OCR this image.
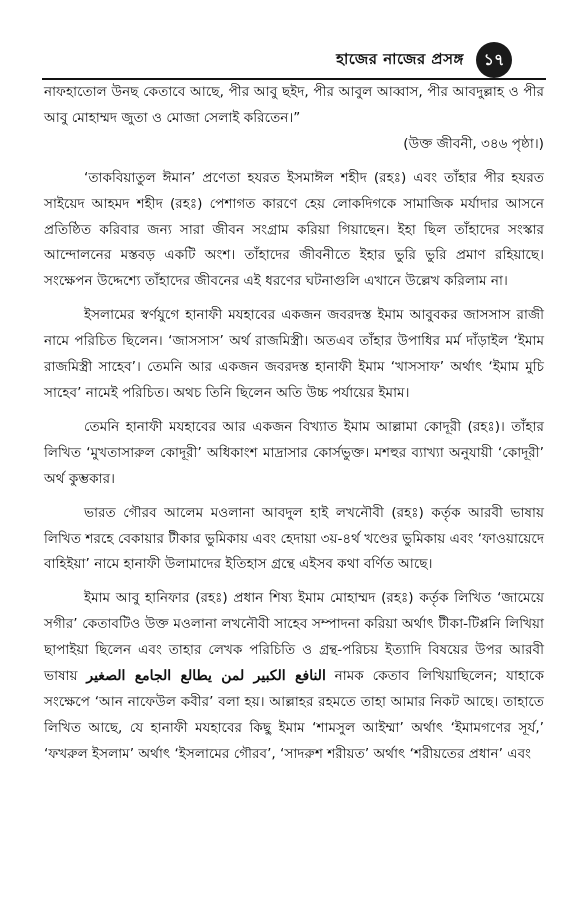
হাজের নাজের প্রসঙ্গ	১৭

নাফহাতোল উনছ কেতাবে আছে, পীর আবু ছইদ, পীর আবুল আব্বাস, পীর আবদুল্লাহ ও পীর আবু মোহাম্মদ জুতা ও মোজা সেলাই করিতেন।”
(উক্ত জীবনী, ৩৪৬ পৃষ্ঠা।)

‘তাকবিয়াতুল ঈমান’ প্রণেতা হযরত ইসমাঈল শহীদ (রহঃ) এবং তাঁহার পীর হযরত সাইয়েদ আহমদ শহীদ (রহঃ) পেশাগত কারণে হেয় লোকদিগকে সামাজিক মর্যাদার আসনে প্রতিষ্ঠিত করিবার জন্য সারা জীবন সংগ্রাম করিয়া গিয়াছেন। ইহা ছিল তাঁহাদের সংস্কার আন্দোলনের মস্তবড় একটি অংশ। তাঁহাদের জীবনীতে ইহার ভুরি ভুরি প্রমাণ রহিয়াছে। সংক্ষেপন উদ্দেশ্যে তাঁহাদের জীবনের এই ধরণের ঘটনাগুলি এখানে উল্লেখ করিলাম না।

ইসলামের স্বর্ণযুগে হানাফী মযহাবের একজন জবরদস্ত ইমাম আবুবকর জাসসাস রাজী নামে পরিচিত ছিলেন। ‘জাসসাস’ অর্থ রাজমিস্ত্রী। অতএব তাঁহার উপাধির মর্ম দাঁড়াইল ‘ইমাম রাজমিস্ত্রী সাহেব’। তেমনি আর একজন জবরদস্ত হানাফী ইমাম ‘খাসসাফ’ অর্থাৎ ‘ইমাম মুচি সাহেব’ নামেই পরিচিত। অথচ তিনি ছিলেন অতি উচ্চ পর্যায়ের ইমাম।

তেমনি হানাফী মযহাবের আর একজন বিখ্যাত ইমাম আল্লামা কোদূরী (রহঃ)। তাঁহার লিখিত ‘মুখতাসারুল কোদূরী’ অধিকাংশ মাদ্রাসার কোর্সভুক্ত। মশহুর ব্যাখ্যা অনুযায়ী ‘কোদূরী’ অর্থ কুম্ভকার।

ভারত গৌরব আলেম মওলানা আবদুল হাই লখনৌবী (রহঃ) কর্তৃক আরবী ভাষায় লিখিত শরহে বেকায়ার টীকার ভুমিকায় এবং হেদায়া ৩য়-৪র্থ খণ্ডের ভুমিকায় এবং ‘ফাওয়ায়েদে বাহিইয়া’ নামে হানাফী উলামাদের ইতিহাস গ্রন্থে এইসব কথা বর্ণিত আছে।

ইমাম আবু হানিফার (রহঃ) প্রধান শিষ্য ইমাম মোহাম্মদ (রহঃ) কর্তৃক লিখিত ‘জামেয়ে সগীর’ কেতাবটিও উক্ত মওলানা লখনৌবী সাহেব সম্পাদনা করিয়া অর্থাৎ টীকা-টিপ্পনি লিখিয়া ছাপাইয়া ছিলেন এবং তাহার লেখক পরিচিতি ও গ্রন্থ-পরিচয় ইত্যাদি বিষয়ের উপর আরবী ভাষায় النافع الكبير لمن يطالع الجامع الصغير নামক কেতাব লিখিয়াছিলেন; যাহাকে সংক্ষেপে ‘আন নাফেউল কবীর’ বলা হয়। আল্লাহর রহমতে তাহা আমার নিকট আছে। তাহাতে লিখিত আছে, যে হানাফী মযহাবের কিছু ইমাম ‘শামসুল আইম্মা’ অর্থাৎ ‘ইমামগণের সূর্য,’ ‘ফখরুল ইসলাম’ অর্থাৎ ‘ইসলামের গৌরব’, ‘সাদরুশ শরীয়ত’ অর্থাৎ ‘শরীয়তের প্রধান’ এবং
